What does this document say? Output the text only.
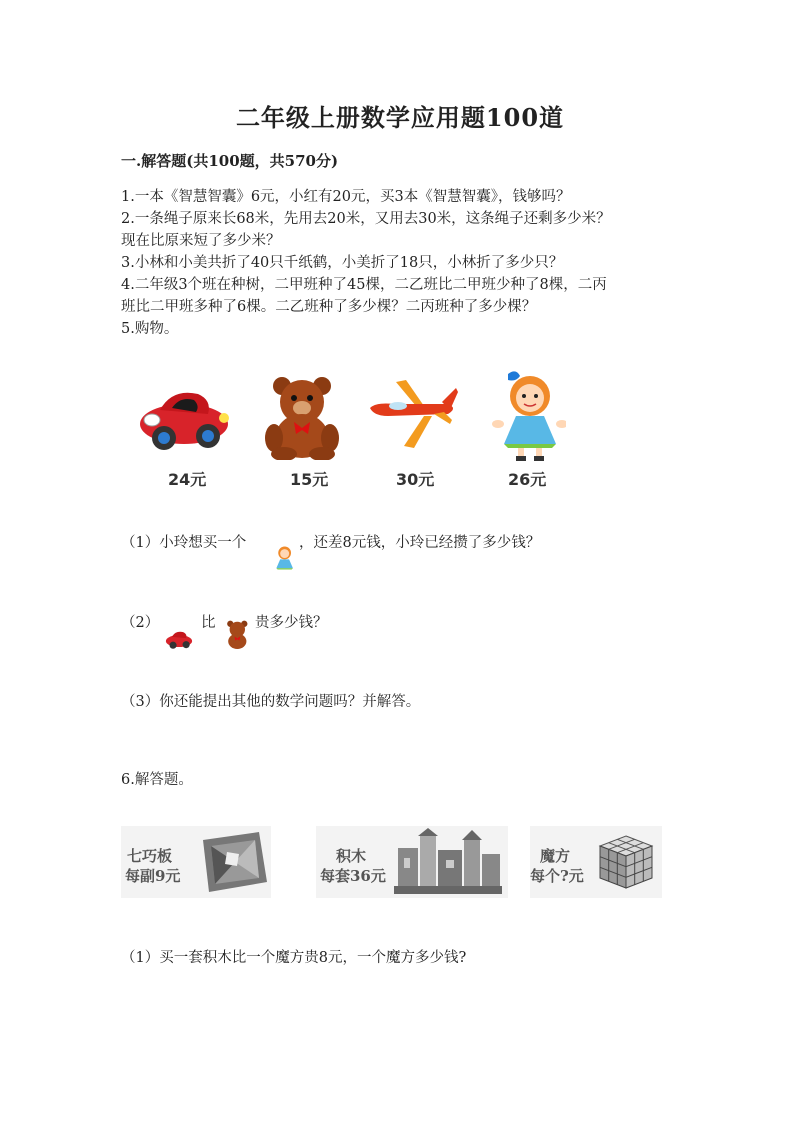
二年级上册数学应用题100道
一.解答题(共100题，共570分)
1.一本《智慧智囊》6元，小红有20元，买3本《智慧智囊》，钱够吗？
2.一条绳子原来长68米，先用去20米，又用去30米，这条绳子还剩多少米？
现在比原来短了多少米？
3.小林和小美共折了40只千纸鹤，小美折了18只，小林折了多少只？
4.二年级3个班在种树，二甲班种了45棵，二乙班比二甲班少种了8棵，二丙
班比二甲班多种了6棵。二乙班种了多少棵？二丙班种了多少棵？
5.购物。
24元	15元	30元	26元
（1）小玲想买一个	，还差8元钱，小玲已经攒了多少钱？
（2）	比	贵多少钱？
（3）你还能提出其他的数学问题吗？并解答。
6.解答题。
七巧板
每副9元
积木
每套36元
魔方
每个?元
（1）买一套积木比一个魔方贵8元，一个魔方多少钱?
